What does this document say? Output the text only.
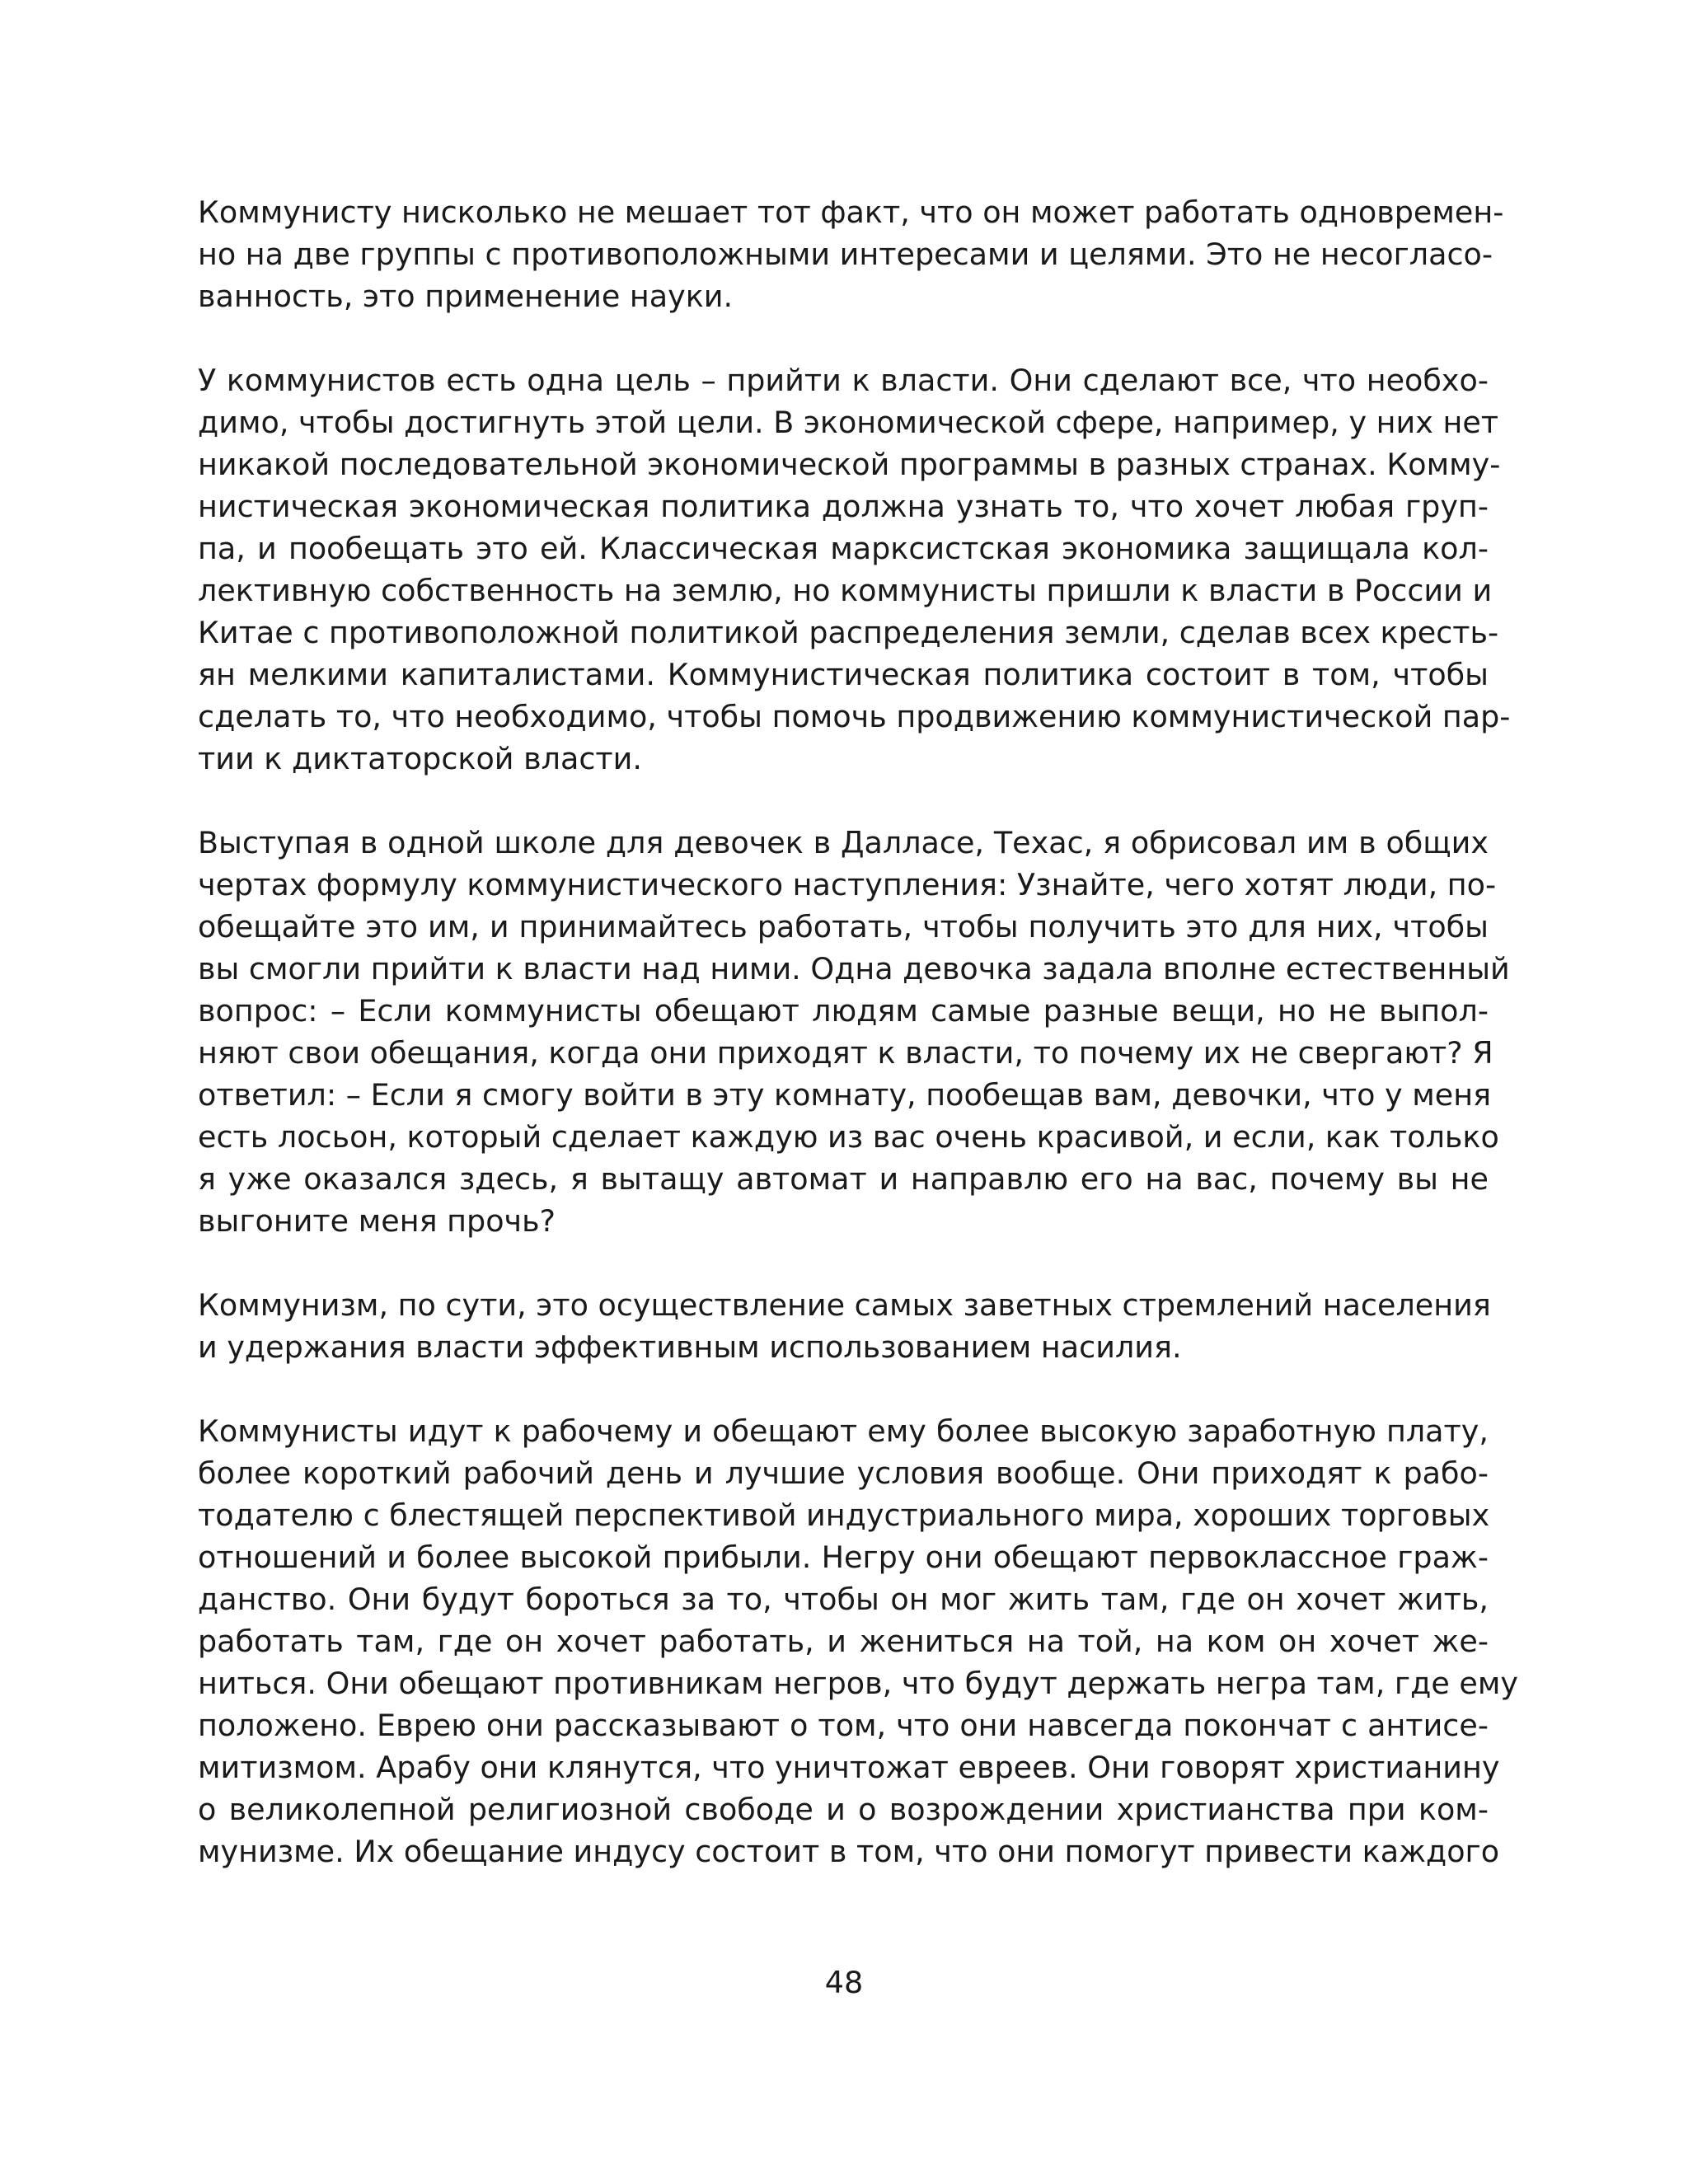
Коммунисту нисколько не мешает тот факт, что он может работать одновремен-
но на две группы с противоположными интересами и целями. Это не несогласо-
ванность, это применение науки.

У коммунистов есть одна цель – прийти к власти. Они сделают все, что необхо-
димо, чтобы достигнуть этой цели. В экономической сфере, например, у них нет
никакой последовательной экономической программы в разных странах. Комму-
нистическая экономическая политика должна узнать то, что хочет любая груп-
па, и пообещать это ей. Классическая марксистская экономика защищала кол-
лективную собственность на землю, но коммунисты пришли к власти в России и
Китае с противоположной политикой распределения земли, сделав всех кресть-
ян мелкими капиталистами. Коммунистическая политика состоит в том, чтобы
сделать то, что необходимо, чтобы помочь продвижению коммунистической пар-
тии к диктаторской власти.

Выступая в одной школе для девочек в Далласе, Техас, я обрисовал им в общих
чертах формулу коммунистического наступления: Узнайте, чего хотят люди, по-
обещайте это им, и принимайтесь работать, чтобы получить это для них, чтобы
вы смогли прийти к власти над ними. Одна девочка задала вполне естественный
вопрос: – Если коммунисты обещают людям самые разные вещи, но не выпол-
няют свои обещания, когда они приходят к власти, то почему их не свергают? Я
ответил: – Если я смогу войти в эту комнату, пообещав вам, девочки, что у меня
есть лосьон, который сделает каждую из вас очень красивой, и если, как только
я уже оказался здесь, я вытащу автомат и направлю его на вас, почему вы не
выгоните меня прочь?

Коммунизм, по сути, это осуществление самых заветных стремлений населения
и удержания власти эффективным использованием насилия.

Коммунисты идут к рабочему и обещают ему более высокую заработную плату,
более короткий рабочий день и лучшие условия вообще. Они приходят к рабо-
тодателю с блестящей перспективой индустриального мира, хороших торговых
отношений и более высокой прибыли. Негру они обещают первоклассное граж-
данство. Они будут бороться за то, чтобы он мог жить там, где он хочет жить,
работать там, где он хочет работать, и жениться на той, на ком он хочет же-
ниться. Они обещают противникам негров, что будут держать негра там, где ему
положено. Еврею они рассказывают о том, что они навсегда покончат с антисе-
митизмом. Арабу они клянутся, что уничтожат евреев. Они говорят христианину
о великолепной религиозной свободе и о возрождении христианства при ком-
мунизме. Их обещание индусу состоит в том, что они помогут привести каждого

48
